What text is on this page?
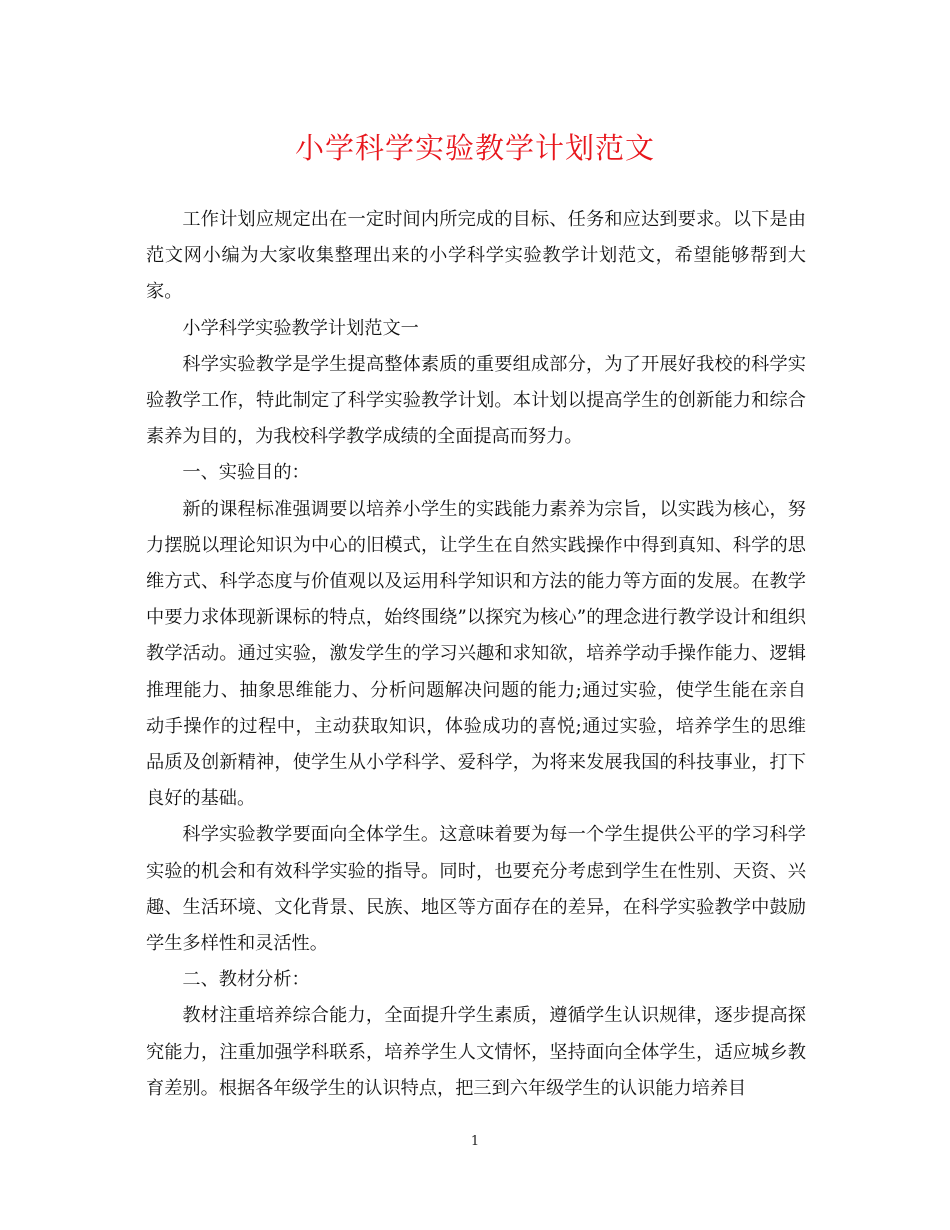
小学科学实验教学计划范文

工作计划应规定出在一定时间内所完成的目标、任务和应达到要求。以下是由范文网小编为大家收集整理出来的小学科学实验教学计划范文，希望能够帮到大家。

小学科学实验教学计划范文一

科学实验教学是学生提高整体素质的重要组成部分，为了开展好我校的科学实验教学工作，特此制定了科学实验教学计划。本计划以提高学生的创新能力和综合素养为目的，为我校科学教学成绩的全面提高而努力。

一、实验目的：

新的课程标准强调要以培养小学生的实践能力素养为宗旨，以实践为核心，努力摆脱以理论知识为中心的旧模式，让学生在自然实践操作中得到真知、科学的思维方式、科学态度与价值观以及运用科学知识和方法的能力等方面的发展。在教学中要力求体现新课标的特点，始终围绕”以探究为核心”的理念进行教学设计和组织教学活动。通过实验，激发学生的学习兴趣和求知欲，培养学动手操作能力、逻辑推理能力、抽象思维能力、分析问题解决问题的能力;通过实验，使学生能在亲自动手操作的过程中，主动获取知识，体验成功的喜悦;通过实验，培养学生的思维品质及创新精神，使学生从小学科学、爱科学，为将来发展我国的科技事业，打下良好的基础。

科学实验教学要面向全体学生。这意味着要为每一个学生提供公平的学习科学实验的机会和有效科学实验的指导。同时，也要充分考虑到学生在性别、天资、兴趣、生活环境、文化背景、民族、地区等方面存在的差异，在科学实验教学中鼓励学生多样性和灵活性。

二、教材分析：

教材注重培养综合能力，全面提升学生素质，遵循学生认识规律，逐步提高探究能力，注重加强学科联系，培养学生人文情怀，坚持面向全体学生，适应城乡教育差别。根据各年级学生的认识特点，把三到六年级学生的认识能力培养目

1
